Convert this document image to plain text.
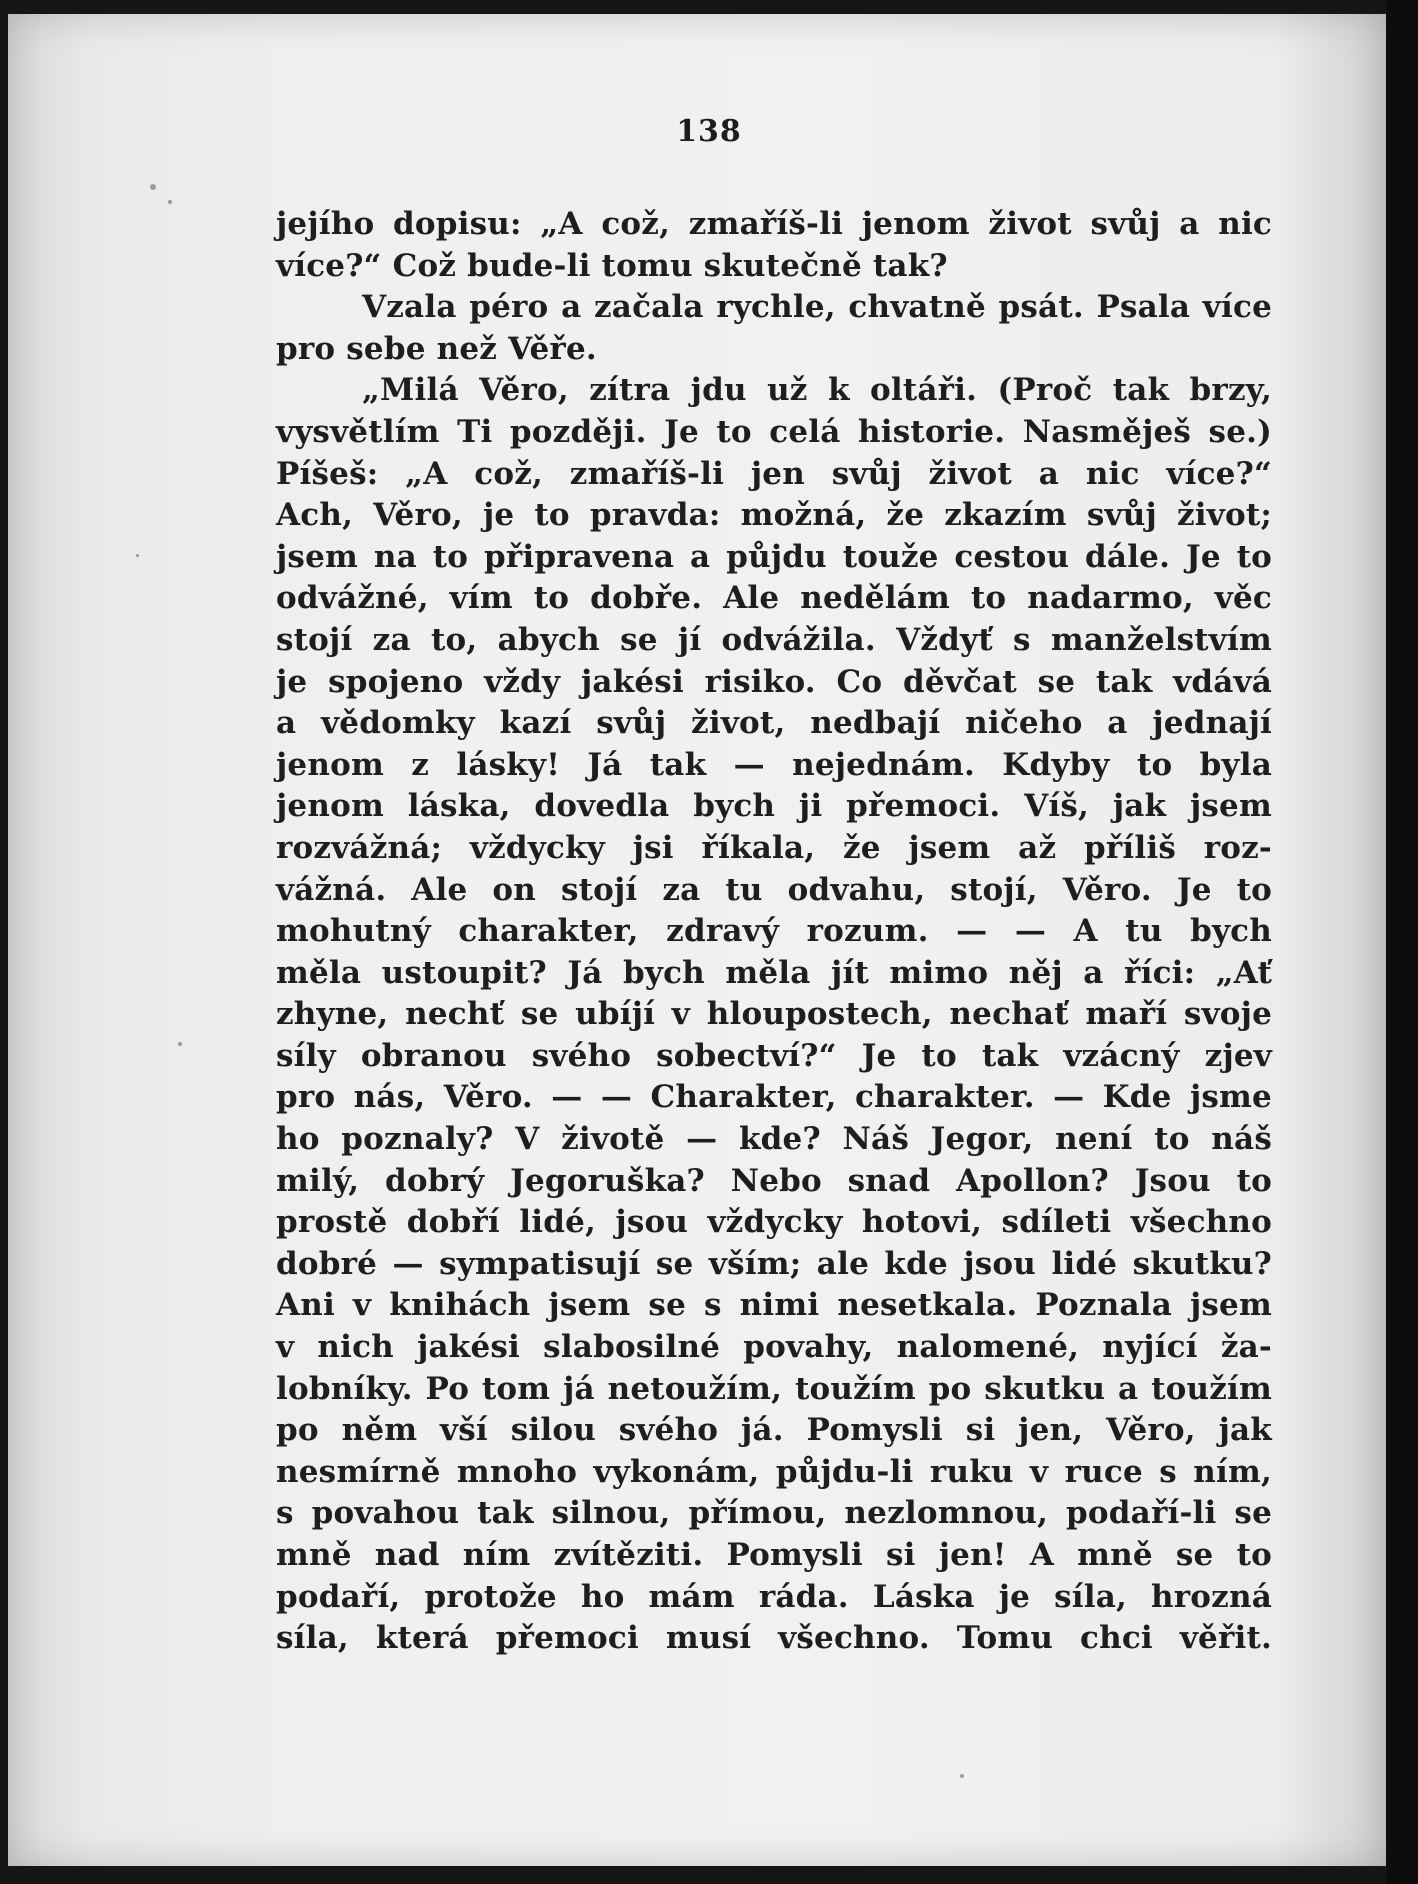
138
jejího dopisu: „A což, zmaříš-li jenom život svůj a nic
více?“ Což bude-li tomu skutečně tak?
Vzala péro a začala rychle, chvatně psát. Psala více
pro sebe než Věře.
„Milá Věro, zítra jdu už k oltáři. (Proč tak brzy,
vysvětlím Ti později. Je to celá historie. Nasměješ se.)
Píšeš: „A což, zmaříš-li jen svůj život a nic více?“
Ach, Věro, je to pravda: možná, že zkazím svůj život;
jsem na to připravena a půjdu touže cestou dále. Je to
odvážné, vím to dobře. Ale nedělám to nadarmo, věc
stojí za to, abych se jí odvážila. Vždyť s manželstvím
je spojeno vždy jakési risiko. Co děvčat se tak vdává
a vědomky kazí svůj život, nedbají ničeho a jednají
jenom z lásky! Já tak — nejednám. Kdyby to byla
jenom láska, dovedla bych ji přemoci. Víš, jak jsem
rozvážná; vždycky jsi říkala, že jsem až příliš roz-
vážná. Ale on stojí za tu odvahu, stojí, Věro. Je to
mohutný charakter, zdravý rozum. — — A tu bych
měla ustoupit? Já bych měla jít mimo něj a říci: „Ať
zhyne, nechť se ubíjí v hloupostech, nechať maří svoje
síly obranou svého sobectví?“ Je to tak vzácný zjev
pro nás, Věro. — — Charakter, charakter. — Kde jsme
ho poznaly? V životě — kde? Náš Jegor, není to náš
milý, dobrý Jegoruška? Nebo snad Apollon? Jsou to
prostě dobří lidé, jsou vždycky hotovi, sdíleti všechno
dobré — sympatisují se vším; ale kde jsou lidé skutku?
Ani v knihách jsem se s nimi nesetkala. Poznala jsem
v nich jakési slabosilné povahy, nalomené, nyjící ža-
lobníky. Po tom já netoužím, toužím po skutku a toužím
po něm vší silou svého já. Pomysli si jen, Věro, jak
nesmírně mnoho vykonám, půjdu-li ruku v ruce s ním,
s povahou tak silnou, přímou, nezlomnou, podaří-li se
mně nad ním zvítěziti. Pomysli si jen! A mně se to
podaří, protože ho mám ráda. Láska je síla, hrozná
síla, která přemoci musí všechno. Tomu chci věřit.
